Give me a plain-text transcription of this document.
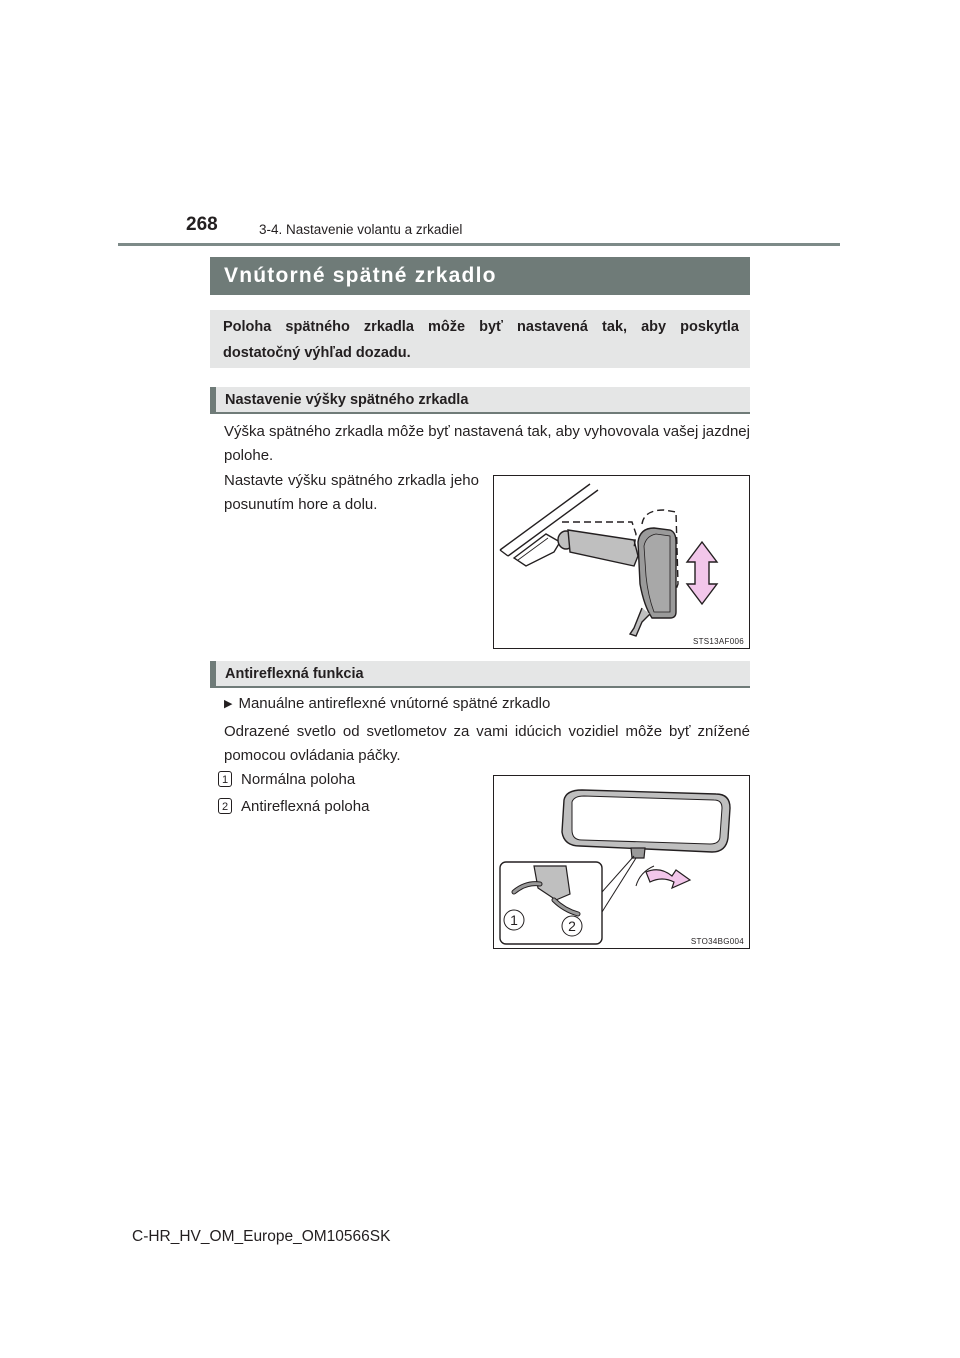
268	3-4. Nastavenie volantu a zrkadiel
Vnútorné spätné zrkadlo
Poloha spätného zrkadla môže byť nastavená tak, aby poskytla dostatočný výhľad dozadu.
Nastavenie výšky spätného zrkadla
Výška spätného zrkadla môže byť nastavená tak, aby vyhovovala vašej jazdnej polohe.
Nastavte výšku spätného zrkadla jeho posunutím hore a dolu.
STS13AF006
Antireflexná funkcia
▶ Manuálne antireflexné vnútorné spätné zrkadlo
Odrazené svetlo od svetlometov za vami idúcich vozidiel môže byť znížené pomocou ovládania páčky.
1 Normálna poloha
2 Antireflexná poloha
1	2
STO34BG004
C-HR_HV_OM_Europe_OM10566SK
